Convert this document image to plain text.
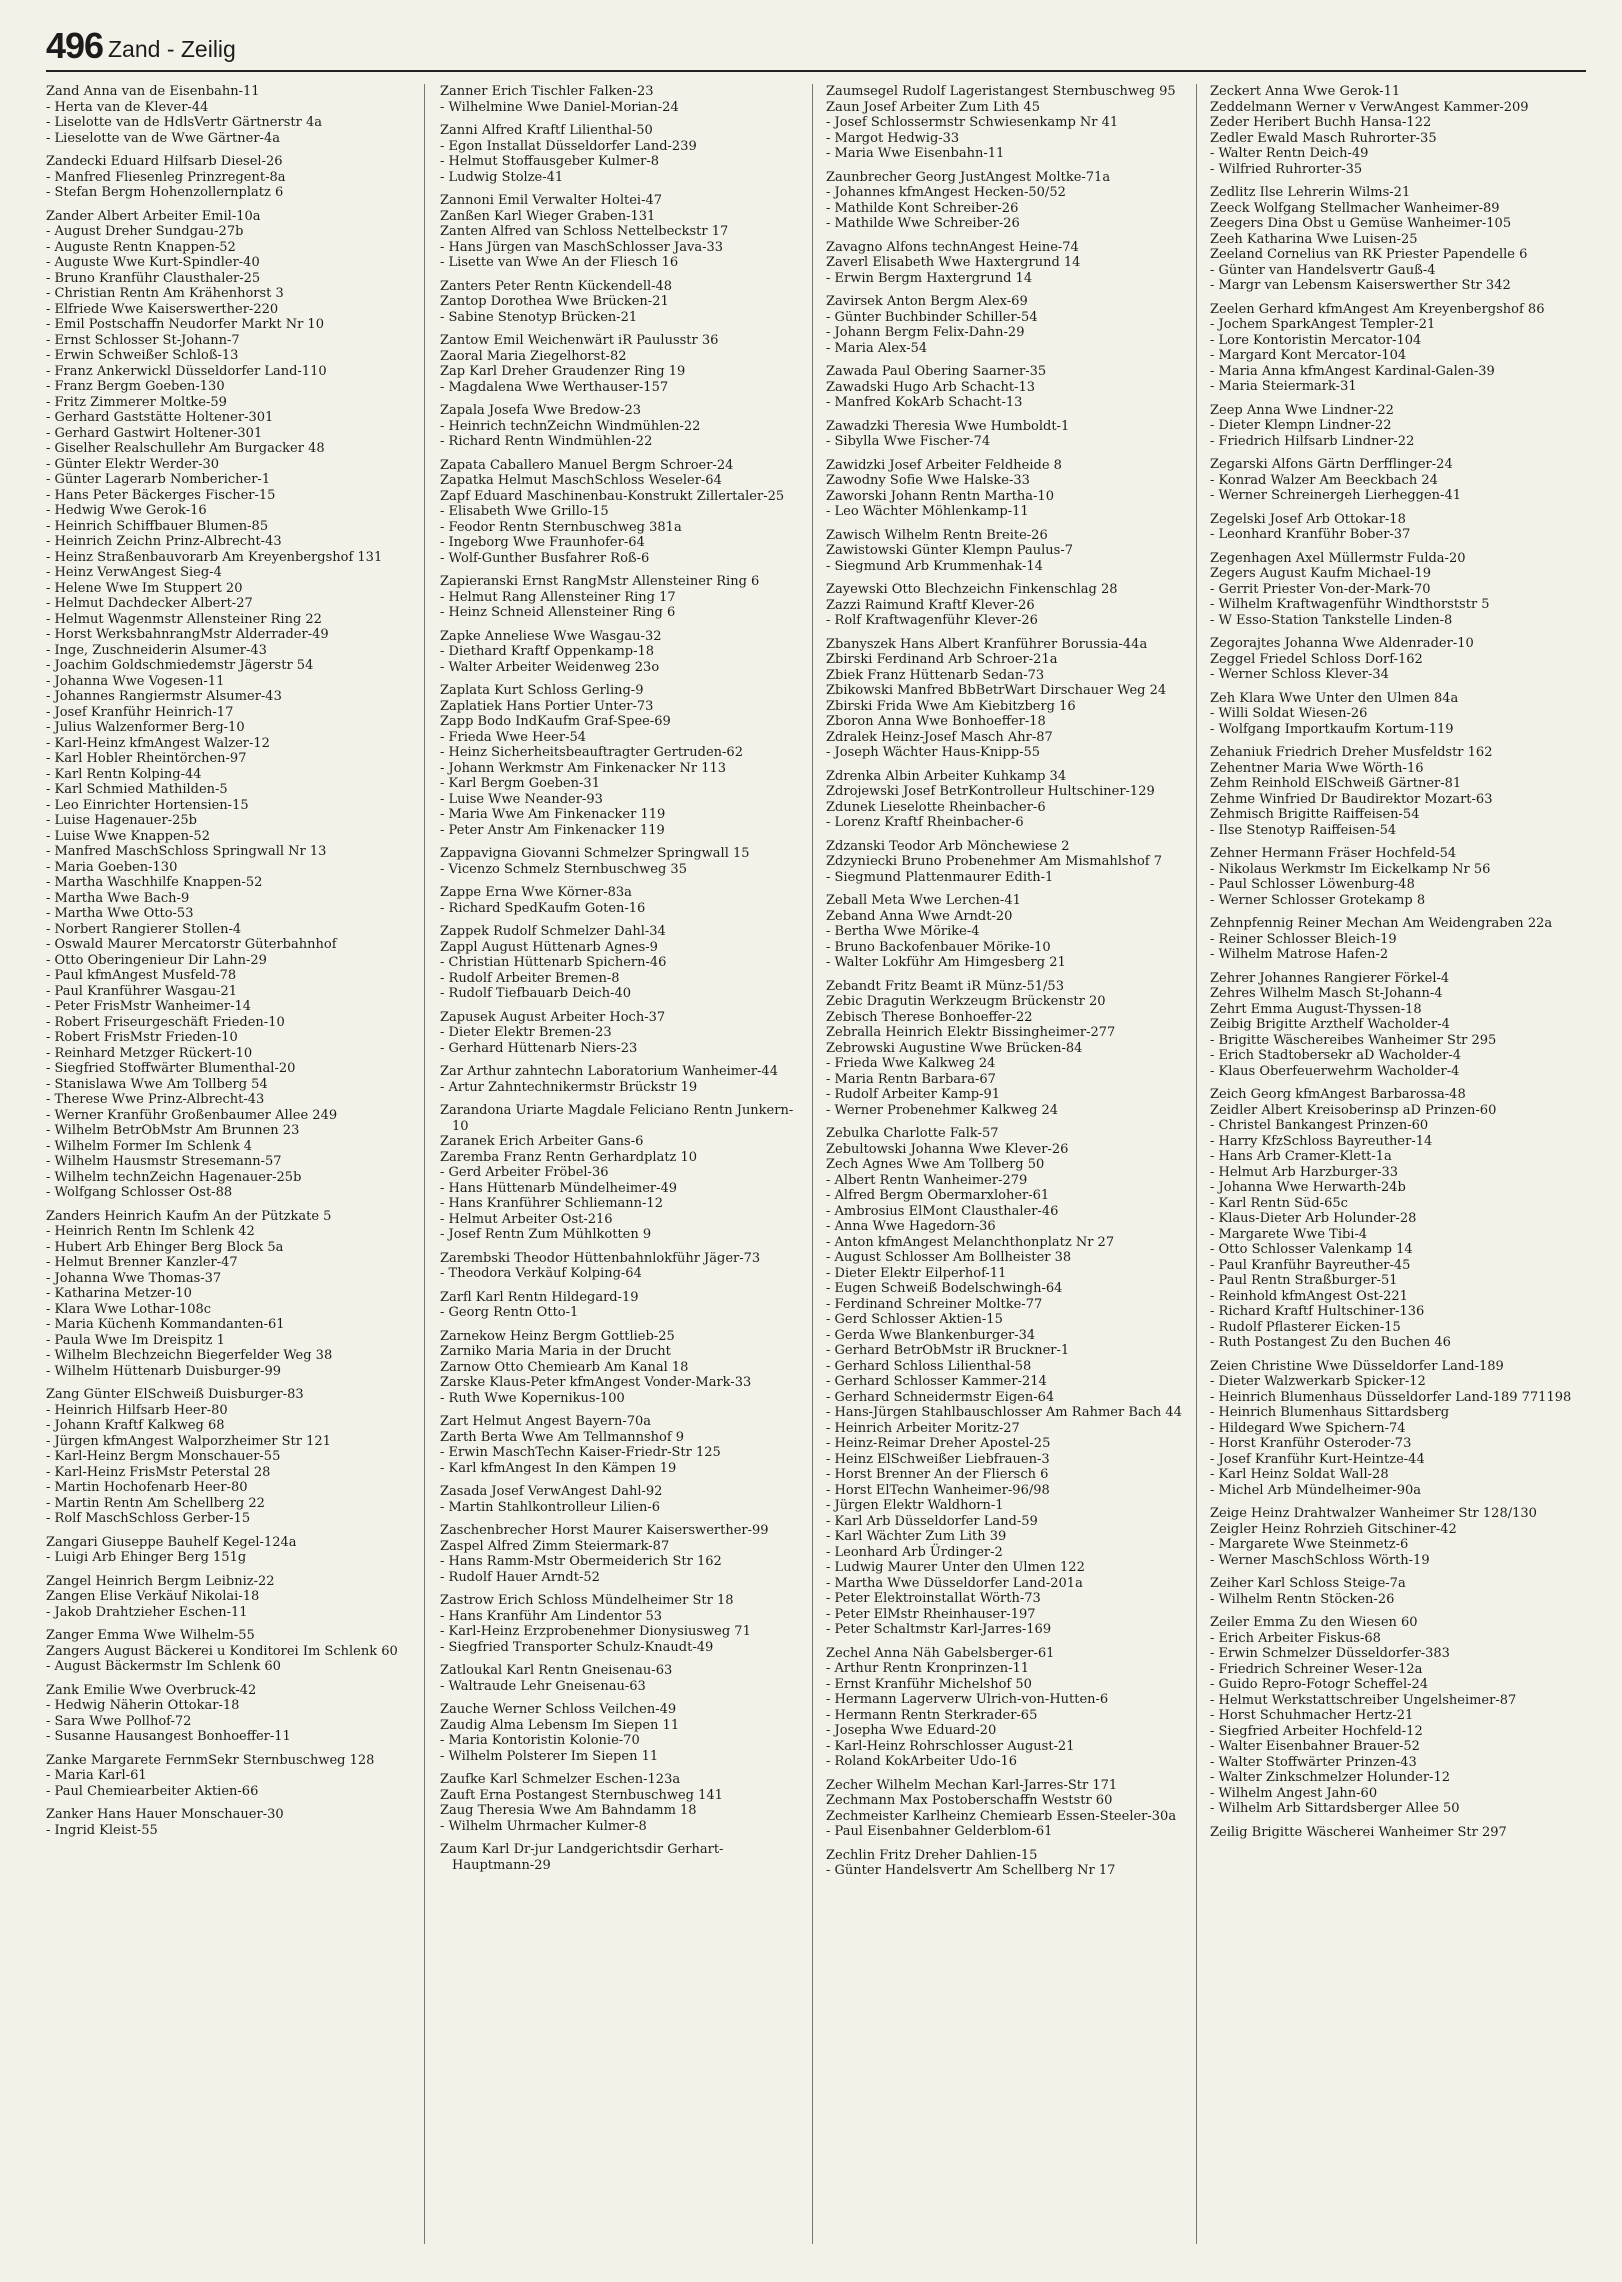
496 Zand - Zeilig

Zand Anna van de Eisenbahn-11

- Herta van de Klever-44

- Liselotte van de HdlsVertr Gärtnerstr 4a

- Lieselotte van de Wwe Gärtner-4a

Zandecki Eduard Hilfsarb Diesel-26

- Manfred Fliesenleg Prinzregent-8a

- Stefan Bergm Hohenzollernplatz 6

Zander Albert Arbeiter Emil-10a

- August Dreher Sundgau-27b

- Auguste Rentn Knappen-52

- Auguste Wwe Kurt-Spindler-40

- Bruno Kranführ Clausthaler-25

- Christian Rentn Am Krähenhorst 3

- Elfriede Wwe Kaiserswerther-220

- Emil Postschaffn Neudorfer Markt Nr 10

- Ernst Schlosser St-Johann-7

- Erwin Schweißer Schloß-13

- Franz Ankerwickl Düsseldorfer Land-110

- Franz Bergm Goeben-130

- Fritz Zimmerer Moltke-59

- Gerhard Gaststätte Holtener-301

- Gerhard Gastwirt Holtener-301

- Giselher Realschullehr Am Burgacker 48

- Günter Elektr Werder-30

- Günter Lagerarb Nombericher-1

- Hans Peter Bäckerges Fischer-15

- Hedwig Wwe Gerok-16

- Heinrich Schiffbauer Blumen-85

- Heinrich Zeichn Prinz-Albrecht-43

- Heinz Straßenbauvorarb Am Kreyenbergshof 131

- Heinz VerwAngest Sieg-4

- Helene Wwe Im Stuppert 20

- Helmut Dachdecker Albert-27

- Helmut Wagenmstr Allensteiner Ring 22

- Horst WerksbahnrangMstr Alderrader-49

- Inge, Zuschneiderin Alsumer-43

- Joachim Goldschmiedemstr Jägerstr 54

- Johanna Wwe Vogesen-11

- Johannes Rangiermstr Alsumer-43

- Josef Kranführ Heinrich-17

- Julius Walzenformer Berg-10

- Karl-Heinz kfmAngest Walzer-12

- Karl Hobler Rheintörchen-97

- Karl Rentn Kolping-44

- Karl Schmied Mathilden-5

- Leo Einrichter Hortensien-15

- Luise Hagenauer-25b

- Luise Wwe Knappen-52

- Manfred MaschSchloss Springwall Nr 13

- Maria Goeben-130

- Martha Waschhilfe Knappen-52

- Martha Wwe Bach-9

- Martha Wwe Otto-53

- Norbert Rangierer Stollen-4

- Oswald Maurer Mercatorstr Güterbahnhof

- Otto Oberingenieur Dir Lahn-29

- Paul kfmAngest Musfeld-78

- Paul Kranführer Wasgau-21

- Peter FrisMstr Wanheimer-14

- Robert Friseurgeschäft Frieden-10

- Robert FrisMstr Frieden-10

- Reinhard Metzger Rückert-10

- Siegfried Stoffwärter Blumenthal-20

- Stanislawa Wwe Am Tollberg 54

- Therese Wwe Prinz-Albrecht-43

- Werner Kranführ Großenbaumer Allee 249

- Wilhelm BetrObMstr Am Brunnen 23

- Wilhelm Former Im Schlenk 4

- Wilhelm Hausmstr Stresemann-57

- Wilhelm technZeichn Hagenauer-25b

- Wolfgang Schlosser Ost-88

Zanders Heinrich Kaufm An der Pützkate 5

- Heinrich Rentn Im Schlenk 42

- Hubert Arb Ehinger Berg Block 5a

- Helmut Brenner Kanzler-47

- Johanna Wwe Thomas-37

- Katharina Metzer-10

- Klara Wwe Lothar-108c

- Maria Küchenh Kommandanten-61

- Paula Wwe Im Dreispitz 1

- Wilhelm Blechzeichn Biegerfelder Weg 38

- Wilhelm Hüttenarb Duisburger-99

Zang Günter ElSchweiß Duisburger-83

- Heinrich Hilfsarb Heer-80

- Johann Kraftf Kalkweg 68

- Jürgen kfmAngest Walporzheimer Str 121

- Karl-Heinz Bergm Monschauer-55

- Karl-Heinz FrisMstr Peterstal 28

- Martin Hochofenarb Heer-80

- Martin Rentn Am Schellberg 22

- Rolf MaschSchloss Gerber-15

Zangari Giuseppe Bauhelf Kegel-124a

- Luigi Arb Ehinger Berg 151g

Zangel Heinrich Bergm Leibniz-22

Zangen Elise Verkäuf Nikolai-18

- Jakob Drahtzieher Eschen-11

Zanger Emma Wwe Wilhelm-55

Zangers August Bäckerei u Konditorei Im Schlenk 60

- August Bäckermstr Im Schlenk 60

Zank Emilie Wwe Overbruck-42

- Hedwig Näherin Ottokar-18

- Sara Wwe Pollhof-72

- Susanne Hausangest Bonhoeffer-11

Zanke Margarete FernmSekr Sternbuschweg 128

- Maria Karl-61

- Paul Chemiearbeiter Aktien-66

Zanker Hans Hauer Monschauer-30

- Ingrid Kleist-55

Zanner Erich Tischler Falken-23

- Wilhelmine Wwe Daniel-Morian-24

Zanni Alfred Kraftf Lilienthal-50

- Egon Installat Düsseldorfer Land-239

- Helmut Stoffausgeber Kulmer-8

- Ludwig Stolze-41

Zannoni Emil Verwalter Holtei-47

Zanßen Karl Wieger Graben-131

Zanten Alfred van Schloss Nettelbeckstr 17

- Hans Jürgen van MaschSchlosser Java-33

- Lisette van Wwe An der Fliesch 16

Zanters Peter Rentn Kückendell-48

Zantop Dorothea Wwe Brücken-21

- Sabine Stenotyp Brücken-21

Zantow Emil Weichenwärt iR Paulusstr 36

Zaoral Maria Ziegelhorst-82

Zap Karl Dreher Graudenzer Ring 19

- Magdalena Wwe Werthauser-157

Zapala Josefa Wwe Bredow-23

- Heinrich technZeichn Windmühlen-22

- Richard Rentn Windmühlen-22

Zapata Caballero Manuel Bergm Schroer-24

Zapatka Helmut MaschSchloss Weseler-64

Zapf Eduard Maschinenbau-Konstrukt Zillertaler-25

- Elisabeth Wwe Grillo-15

- Feodor Rentn Sternbuschweg 381a

- Ingeborg Wwe Fraunhofer-64

- Wolf-Gunther Busfahrer Roß-6

Zapieranski Ernst RangMstr Allensteiner Ring 6

- Helmut Rang Allensteiner Ring 17

- Heinz Schneid Allensteiner Ring 6

Zapke Anneliese Wwe Wasgau-32

- Diethard Kraftf Oppenkamp-18

- Walter Arbeiter Weidenweg 23o

Zaplata Kurt Schloss Gerling-9

Zaplatiek Hans Portier Unter-73

Zapp Bodo IndKaufm Graf-Spee-69

- Frieda Wwe Heer-54

- Heinz Sicherheitsbeauftragter Gertruden-62

- Johann Werkmstr Am Finkenacker Nr 113

- Karl Bergm Goeben-31

- Luise Wwe Neander-93

- Maria Wwe Am Finkenacker 119

- Peter Anstr Am Finkenacker 119

Zappavigna Giovanni Schmelzer Springwall 15

- Vicenzo Schmelz Sternbuschweg 35

Zappe Erna Wwe Körner-83a

- Richard SpedKaufm Goten-16

Zappek Rudolf Schmelzer Dahl-34

Zappl August Hüttenarb Agnes-9

- Christian Hüttenarb Spichern-46

- Rudolf Arbeiter Bremen-8

- Rudolf Tiefbauarb Deich-40

Zapusek August Arbeiter Hoch-37

- Dieter Elektr Bremen-23

- Gerhard Hüttenarb Niers-23

Zar Arthur zahntechn Laboratorium Wanheimer-44

- Artur Zahntechnikermstr Brückstr 19

Zarandona Uriarte Magdale Feliciano Rentn Junkern-10

Zaranek Erich Arbeiter Gans-6

Zaremba Franz Rentn Gerhardplatz 10

- Gerd Arbeiter Fröbel-36

- Hans Hüttenarb Mündelheimer-49

- Hans Kranführer Schliemann-12

- Helmut Arbeiter Ost-216

- Josef Rentn Zum Mühlkotten 9

Zarembski Theodor Hüttenbahnlokführ Jäger-73

- Theodora Verkäuf Kolping-64

Zarfl Karl Rentn Hildegard-19

- Georg Rentn Otto-1

Zarnekow Heinz Bergm Gottlieb-25

Zarniko Maria Maria in der Drucht

Zarnow Otto Chemiearb Am Kanal 18

Zarske Klaus-Peter kfmAngest Vonder-Mark-33

- Ruth Wwe Kopernikus-100

Zart Helmut Angest Bayern-70a

Zarth Berta Wwe Am Tellmannshof 9

- Erwin MaschTechn Kaiser-Friedr-Str 125

- Karl kfmAngest In den Kämpen 19

Zasada Josef VerwAngest Dahl-92

- Martin Stahlkontrolleur Lilien-6

Zaschenbrecher Horst Maurer Kaiserswerther-99

Zaspel Alfred Zimm Steiermark-87

- Hans Ramm-Mstr Obermeiderich Str 162

- Rudolf Hauer Arndt-52

Zastrow Erich Schloss Mündelheimer Str 18

- Hans Kranführ Am Lindentor 53

- Karl-Heinz Erzprobenehmer Dionysiusweg 71

- Siegfried Transporter Schulz-Knaudt-49

Zatloukal Karl Rentn Gneisenau-63

- Waltraude Lehr Gneisenau-63

Zauche Werner Schloss Veilchen-49

Zaudig Alma Lebensm Im Siepen 11

- Maria Kontoristin Kolonie-70

- Wilhelm Polsterer Im Siepen 11

Zaufke Karl Schmelzer Eschen-123a

Zauft Erna Postangest Sternbuschweg 141

Zaug Theresia Wwe Am Bahndamm 18

- Wilhelm Uhrmacher Kulmer-8

Zaum Karl Dr-jur Landgerichtsdir Gerhart-Hauptmann-29

Zaumsegel Rudolf Lageristangest Sternbuschweg 95

Zaun Josef Arbeiter Zum Lith 45

- Josef Schlossermstr Schwiesenkamp Nr 41

- Margot Hedwig-33

- Maria Wwe Eisenbahn-11

Zaunbrecher Georg JustAngest Moltke-71a

- Johannes kfmAngest Hecken-50/52

- Mathilde Kont Schreiber-26

- Mathilde Wwe Schreiber-26

Zavagno Alfons technAngest Heine-74

Zaverl Elisabeth Wwe Haxtergrund 14

- Erwin Bergm Haxtergrund 14

Zavirsek Anton Bergm Alex-69

- Günter Buchbinder Schiller-54

- Johann Bergm Felix-Dahn-29

- Maria Alex-54

Zawada Paul Obering Saarner-35

Zawadski Hugo Arb Schacht-13

- Manfred KokArb Schacht-13

Zawadzki Theresia Wwe Humboldt-1

- Sibylla Wwe Fischer-74

Zawidzki Josef Arbeiter Feldheide 8

Zawodny Sofie Wwe Halske-33

Zaworski Johann Rentn Martha-10

- Leo Wächter Möhlenkamp-11

Zawisch Wilhelm Rentn Breite-26

Zawistowski Günter Klempn Paulus-7

- Siegmund Arb Krummenhak-14

Zayewski Otto Blechzeichn Finkenschlag 28

Zazzi Raimund Kraftf Klever-26

- Rolf Kraftwagenführ Klever-26

Zbanyszek Hans Albert Kranführer Borussia-44a

Zbirski Ferdinand Arb Schroer-21a

Zbiek Franz Hüttenarb Sedan-73

Zbikowski Manfred BbBetrWart Dirschauer Weg 24

Zbirski Frida Wwe Am Kiebitzberg 16

Zboron Anna Wwe Bonhoeffer-18

Zdralek Heinz-Josef Masch Ahr-87

- Joseph Wächter Haus-Knipp-55

Zdrenka Albin Arbeiter Kuhkamp 34

Zdrojewski Josef BetrKontrolleur Hultschiner-129

Zdunek Lieselotte Rheinbacher-6

- Lorenz Kraftf Rheinbacher-6

Zdzanski Teodor Arb Mönchewiese 2

Zdzyniecki Bruno Probenehmer Am Mismahlshof 7

- Siegmund Plattenmaurer Edith-1

Zeball Meta Wwe Lerchen-41

Zeband Anna Wwe Arndt-20

- Bertha Wwe Mörike-4

- Bruno Backofenbauer Mörike-10

- Walter Lokführ Am Himgesberg 21

Zebandt Fritz Beamt iR Münz-51/53

Zebic Dragutin Werkzeugm Brückenstr 20

Zebisch Therese Bonhoeffer-22

Zebralla Heinrich Elektr Bissingheimer-277

Zebrowski Augustine Wwe Brücken-84

- Frieda Wwe Kalkweg 24

- Maria Rentn Barbara-67

- Rudolf Arbeiter Kamp-91

- Werner Probenehmer Kalkweg 24

Zebulka Charlotte Falk-57

Zebultowski Johanna Wwe Klever-26

Zech Agnes Wwe Am Tollberg 50

- Albert Rentn Wanheimer-279

- Alfred Bergm Obermarxloher-61

- Ambrosius ElMont Clausthaler-46

- Anna Wwe Hagedorn-36

- Anton kfmAngest Melanchthonplatz Nr 27

- August Schlosser Am Bollheister 38

- Dieter Elektr Eilperhof-11

- Eugen Schweiß Bodelschwingh-64

- Ferdinand Schreiner Moltke-77

- Gerd Schlosser Aktien-15

- Gerda Wwe Blankenburger-34

- Gerhard BetrObMstr iR Bruckner-1

- Gerhard Schloss Lilienthal-58

- Gerhard Schlosser Kammer-214

- Gerhard Schneidermstr Eigen-64

- Hans-Jürgen Stahlbauschlosser Am Rahmer Bach 44

- Heinrich Arbeiter Moritz-27

- Heinz-Reimar Dreher Apostel-25

- Heinz ElSchweißer Liebfrauen-3

- Horst Brenner An der Fliersch 6

- Horst ElTechn Wanheimer-96/98

- Jürgen Elektr Waldhorn-1

- Karl Arb Düsseldorfer Land-59

- Karl Wächter Zum Lith 39

- Leonhard Arb Ürdinger-2

- Ludwig Maurer Unter den Ulmen 122

- Martha Wwe Düsseldorfer Land-201a

- Peter Elektroinstallat Wörth-73

- Peter ElMstr Rheinhauser-197

- Peter Schaltmstr Karl-Jarres-169

Zechel Anna Näh Gabelsberger-61

- Arthur Rentn Kronprinzen-11

- Ernst Kranführ Michelshof 50

- Hermann Lagerverw Ulrich-von-Hutten-6

- Hermann Rentn Sterkrader-65

- Josepha Wwe Eduard-20

- Karl-Heinz Rohrschlosser August-21

- Roland KokArbeiter Udo-16

Zecher Wilhelm Mechan Karl-Jarres-Str 171

Zechmann Max Postoberschaffn Weststr 60

Zechmeister Karlheinz Chemiearb Essen-Steeler-30a

- Paul Eisenbahner Gelderblom-61

Zechlin Fritz Dreher Dahlien-15

- Günter Handelsvertr Am Schellberg Nr 17

Zeckert Anna Wwe Gerok-11

Zeddelmann Werner v VerwAngest Kammer-209

Zeder Heribert Buchh Hansa-122

Zedler Ewald Masch Ruhrorter-35

- Walter Rentn Deich-49

- Wilfried Ruhrorter-35

Zedlitz Ilse Lehrerin Wilms-21

Zeeck Wolfgang Stellmacher Wanheimer-89

Zeegers Dina Obst u Gemüse Wanheimer-105

Zeeh Katharina Wwe Luisen-25

Zeeland Cornelius van RK Priester Papendelle 6

- Günter van Handelsvertr Gauß-4

- Margr van Lebensm Kaiserswerther Str 342

Zeelen Gerhard kfmAngest Am Kreyenbergshof 86

- Jochem SparkAngest Templer-21

- Lore Kontoristin Mercator-104

- Margard Kont Mercator-104

- Maria Anna kfmAngest Kardinal-Galen-39

- Maria Steiermark-31

Zeep Anna Wwe Lindner-22

- Dieter Klempn Lindner-22

- Friedrich Hilfsarb Lindner-22

Zegarski Alfons Gärtn Derfflinger-24

- Konrad Walzer Am Beeckbach 24

- Werner Schreinergeh Lierheggen-41

Zegelski Josef Arb Ottokar-18

- Leonhard Kranführ Bober-37

Zegenhagen Axel Müllermstr Fulda-20

Zegers August Kaufm Michael-19

- Gerrit Priester Von-der-Mark-70

- Wilhelm Kraftwagenführ Windthorststr 5

- W Esso-Station Tankstelle Linden-8

Zegorajtes Johanna Wwe Aldenrader-10

Zeggel Friedel Schloss Dorf-162

- Werner Schloss Klever-34

Zeh Klara Wwe Unter den Ulmen 84a

- Willi Soldat Wiesen-26

- Wolfgang Importkaufm Kortum-119

Zehaniuk Friedrich Dreher Musfeldstr 162

Zehentner Maria Wwe Wörth-16

Zehm Reinhold ElSchweiß Gärtner-81

Zehme Winfried Dr Baudirektor Mozart-63

Zehmisch Brigitte Raiffeisen-54

- Ilse Stenotyp Raiffeisen-54

Zehner Hermann Fräser Hochfeld-54

- Nikolaus Werkmstr Im Eickelkamp Nr 56

- Paul Schlosser Löwenburg-48

- Werner Schlosser Grotekamp 8

Zehnpfennig Reiner Mechan Am Weidengraben 22a

- Reiner Schlosser Bleich-19

- Wilhelm Matrose Hafen-2

Zehrer Johannes Rangierer Förkel-4

Zehres Wilhelm Masch St-Johann-4

Zehrt Emma August-Thyssen-18

Zeibig Brigitte Arzthelf Wacholder-4

- Brigitte Wäschereibes Wanheimer Str 295

- Erich Stadtobersekr aD Wacholder-4

- Klaus Oberfeuerwehrm Wacholder-4

Zeich Georg kfmAngest Barbarossa-48

Zeidler Albert Kreisoberinsp aD Prinzen-60

- Christel Bankangest Prinzen-60

- Harry KfzSchloss Bayreuther-14

- Hans Arb Cramer-Klett-1a

- Helmut Arb Harzburger-33

- Johanna Wwe Herwarth-24b

- Karl Rentn Süd-65c

- Klaus-Dieter Arb Holunder-28

- Margarete Wwe Tibi-4

- Otto Schlosser Valenkamp 14

- Paul Kranführ Bayreuther-45

- Paul Rentn Straßburger-51

- Reinhold kfmAngest Ost-221

- Richard Kraftf Hultschiner-136

- Rudolf Pflasterer Eicken-15

- Ruth Postangest Zu den Buchen 46

Zeien Christine Wwe Düsseldorfer Land-189

- Dieter Walzwerkarb Spicker-12

- Heinrich Blumenhaus Düsseldorfer Land-189 771198

- Heinrich Blumenhaus Sittardsberg

- Hildegard Wwe Spichern-74

- Horst Kranführ Osteroder-73

- Josef Kranführ Kurt-Heintze-44

- Karl Heinz Soldat Wall-28

- Michel Arb Mündelheimer-90a

Zeige Heinz Drahtwalzer Wanheimer Str 128/130

Zeigler Heinz Rohrzieh Gitschiner-42

- Margarete Wwe Steinmetz-6

- Werner MaschSchloss Wörth-19

Zeiher Karl Schloss Steige-7a

- Wilhelm Rentn Stöcken-26

Zeiler Emma Zu den Wiesen 60

- Erich Arbeiter Fiskus-68

- Erwin Schmelzer Düsseldorfer-383

- Friedrich Schreiner Weser-12a

- Guido Repro-Fotogr Scheffel-24

- Helmut Werkstattschreiber Ungelsheimer-87

- Horst Schuhmacher Hertz-21

- Siegfried Arbeiter Hochfeld-12

- Walter Eisenbahner Brauer-52

- Walter Stoffwärter Prinzen-43

- Walter Zinkschmelzer Holunder-12

- Wilhelm Angest Jahn-60

- Wilhelm Arb Sittardsberger Allee 50

Zeilig Brigitte Wäscherei Wanheimer Str 297
